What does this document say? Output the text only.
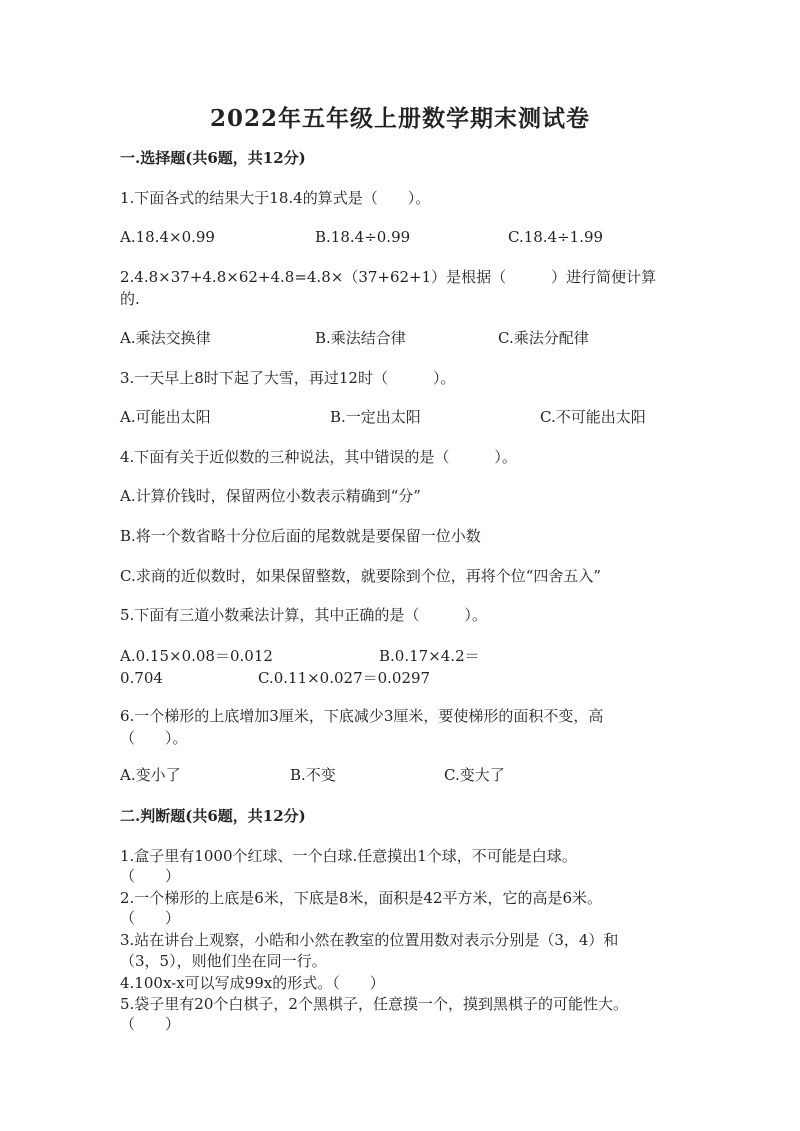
2022年五年级上册数学期末测试卷
一.选择题(共6题，共12分)
1.下面各式的结果大于18.4的算式是（　　）。
A.18.4×0.99	B.18.4÷0.99	C.18.4÷1.99
2.4.8×37+4.8×62+4.8=4.8×（37+62+1）是根据（　　　）进行简便计算
的.
A.乘法交换律	B.乘法结合律	C.乘法分配律
3.一天早上8时下起了大雪，再过12时（　　　）。
A.可能出太阳	B.一定出太阳	C.不可能出太阳
4.下面有关于近似数的三种说法，其中错误的是（　　　）。
A.计算价钱时，保留两位小数表示精确到“分”
B.将一个数省略十分位后面的尾数就是要保留一位小数
C.求商的近似数时，如果保留整数，就要除到个位，再将个位“四舍五入”
5.下面有三道小数乘法计算，其中正确的是（　　　）。
A.0.15×0.08＝0.012	B.0.17×4.2＝
0.704	C.0.11×0.027＝0.0297
6.一个梯形的上底增加3厘米，下底减少3厘米，要使梯形的面积不变，高
（　　）。
A.变小了	B.不变	C.变大了
二.判断题(共6题，共12分)
1.盒子里有1000个红球、一个白球.任意摸出1个球，不可能是白球。
（　　）
2.一个梯形的上底是6米，下底是8米，面积是42平方米，它的高是6米。
（　　）
3.站在讲台上观察，小皓和小然在教室的位置用数对表示分别是（3，4）和
（3，5），则他们坐在同一行。
4.100x-x可以写成99x的形式。（　　）
5.袋子里有20个白棋子，2个黑棋子，任意摸一个，摸到黑棋子的可能性大。
（　　）
